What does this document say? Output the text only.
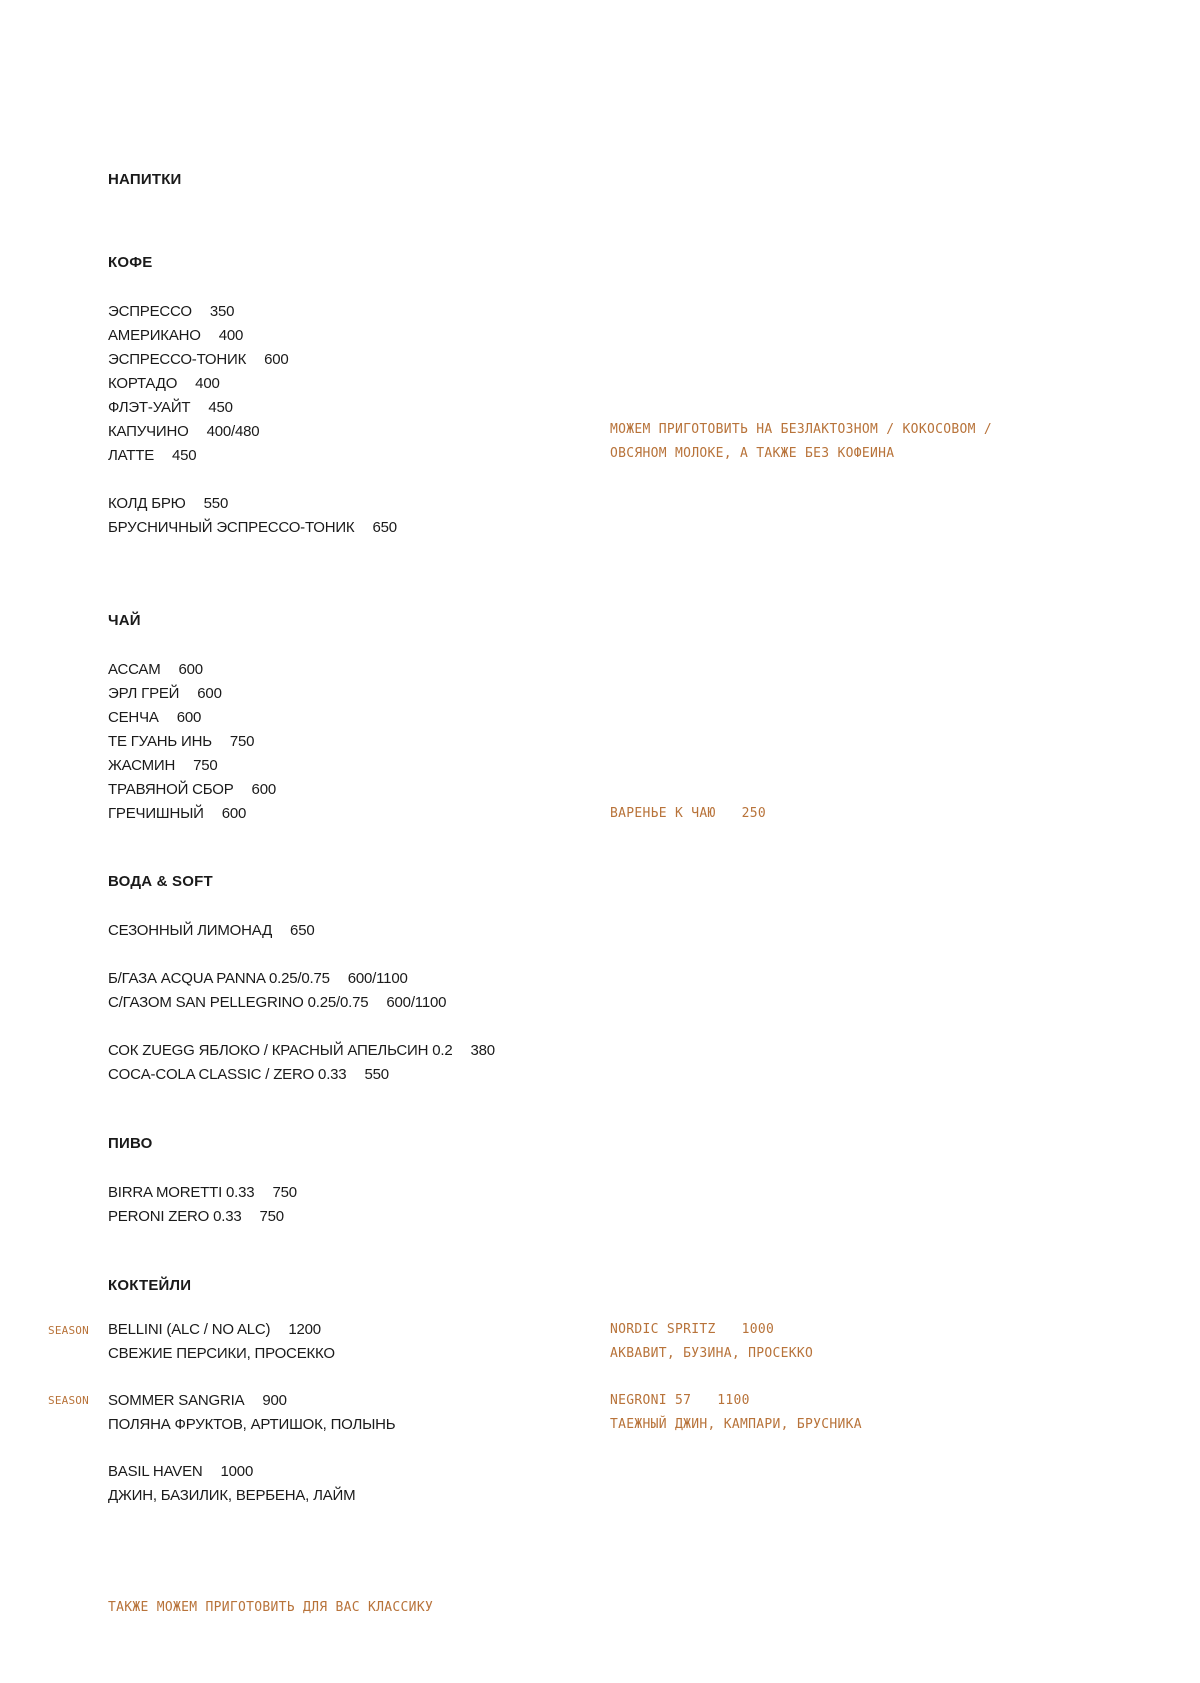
НАПИТКИ
КОФЕ
ЭСПРЕССО 350
АМЕРИКАНО 400
ЭСПРЕССО-ТОНИК 600
КОРТАДО 400
ФЛЭТ-УАЙТ 450
КАПУЧИНО 400/480
ЛАТТЕ 450
КОЛД БРЮ 550
БРУСНИЧНЫЙ ЭСПРЕССО-ТОНИК 650
МОЖЕМ ПРИГОТОВИТЬ НА БЕЗЛАКТОЗНОМ / КОКОСОВОМ /
ОВСЯНОМ МОЛОКЕ, А ТАКЖЕ БЕЗ КОФЕИНА
ЧАЙ
АССАМ 600
ЭРЛ ГРЕЙ 600
СЕНЧА 600
ТЕ ГУАНЬ ИНЬ 750
ЖАСМИН 750
ТРАВЯНОЙ СБОР 600
ГРЕЧИШНЫЙ 600	ВАРЕНЬЕ К ЧАЮ 250
ВОДА & SOFT
СЕЗОННЫЙ ЛИМОНАД 650
Б/ГАЗА ACQUA PANNA 0.25/0.75 600/1100
С/ГАЗОМ SAN PELLEGRINO 0.25/0.75 600/1100
СОК ZUEGG ЯБЛОКО / КРАСНЫЙ АПЕЛЬСИН 0.2 380
COCA-COLA CLASSIC / ZERO 0.33 550
ПИВО
BIRRA MORETTI 0.33 750
PERONI ZERO 0.33 750
КОКТЕЙЛИ
SEASON
SEASON
BELLINI (ALC / NO ALC) 1200
СВЕЖИЕ ПЕРСИКИ, ПРОСЕККО
SOMMER SANGRIA 900
ПОЛЯНА ФРУКТОВ, АРТИШОК, ПОЛЫНЬ
BASIL HAVEN 1000
ДЖИН, БАЗИЛИК, ВЕРБЕНА, ЛАЙМ
NORDIC SPRITZ 1000
АКВАВИТ, БУЗИНА, ПРОСЕККО
NEGRONI 57 1100
ТАЕЖНЫЙ ДЖИН, КАМПАРИ, БРУСНИКА
ТАКЖЕ МОЖЕМ ПРИГОТОВИТЬ ДЛЯ ВАС КЛАССИКУ
